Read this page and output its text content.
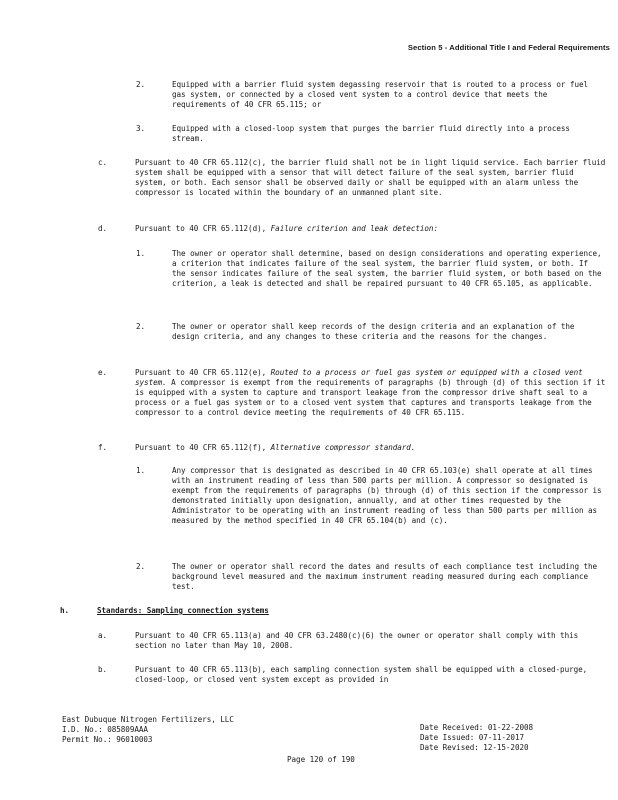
Section 5 - Additional Title I and Federal Requirements
2.	Equipped with a barrier fluid system degassing reservoir that is routed to a process or fuel gas system, or connected by a closed vent system to a control device that meets the requirements of 40 CFR 65.115; or
3.	Equipped with a closed-loop system that purges the barrier fluid directly into a process stream.
c.	Pursuant to 40 CFR 65.112(c), the barrier fluid shall not be in light liquid service. Each barrier fluid system shall be equipped with a sensor that will detect failure of the seal system, barrier fluid system, or both. Each sensor shall be observed daily or shall be equipped with an alarm unless the compressor is located within the boundary of an unmanned plant site.
d.	Pursuant to 40 CFR 65.112(d), Failure criterion and leak detection:
1.	The owner or operator shall determine, based on design considerations and operating experience, a criterion that indicates failure of the seal system, the barrier fluid system, or both. If the sensor indicates failure of the seal system, the barrier fluid system, or both based on the criterion, a leak is detected and shall be repaired pursuant to 40 CFR 65.105, as applicable.
2.	The owner or operator shall keep records of the design criteria and an explanation of the design criteria, and any changes to these criteria and the reasons for the changes.
e.	Pursuant to 40 CFR 65.112(e), Routed to a process or fuel gas system or equipped with a closed vent system. A compressor is exempt from the requirements of paragraphs (b) through (d) of this section if it is equipped with a system to capture and transport leakage from the compressor drive shaft seal to a process or a fuel gas system or to a closed vent system that captures and transports leakage from the compressor to a control device meeting the requirements of 40 CFR 65.115.
f.	Pursuant to 40 CFR 65.112(f), Alternative compressor standard.
1.	Any compressor that is designated as described in 40 CFR 65.103(e) shall operate at all times with an instrument reading of less than 500 parts per million. A compressor so designated is exempt from the requirements of paragraphs (b) through (d) of this section if the compressor is demonstrated initially upon designation, annually, and at other times requested by the Administrator to be operating with an instrument reading of less than 500 parts per million as measured by the method specified in 40 CFR 65.104(b) and (c).
2.	The owner or operator shall record the dates and results of each compliance test including the background level measured and the maximum instrument reading measured during each compliance test.
h.	Standards: Sampling connection systems
a.	Pursuant to 40 CFR 65.113(a) and 40 CFR 63.2480(c)(6) the owner or operator shall comply with this section no later than May 10, 2008.
b.	Pursuant to 40 CFR 65.113(b), each sampling connection system shall be equipped with a closed-purge, closed-loop, or closed vent system except as provided in
East Dubuque Nitrogen Fertilizers, LLC
I.D. No.: 085809AAA
Permit No.: 96010003
Date Received: 01-22-2008
Date Issued: 07-11-2017
Date Revised: 12-15-2020
Page 120 of 190
